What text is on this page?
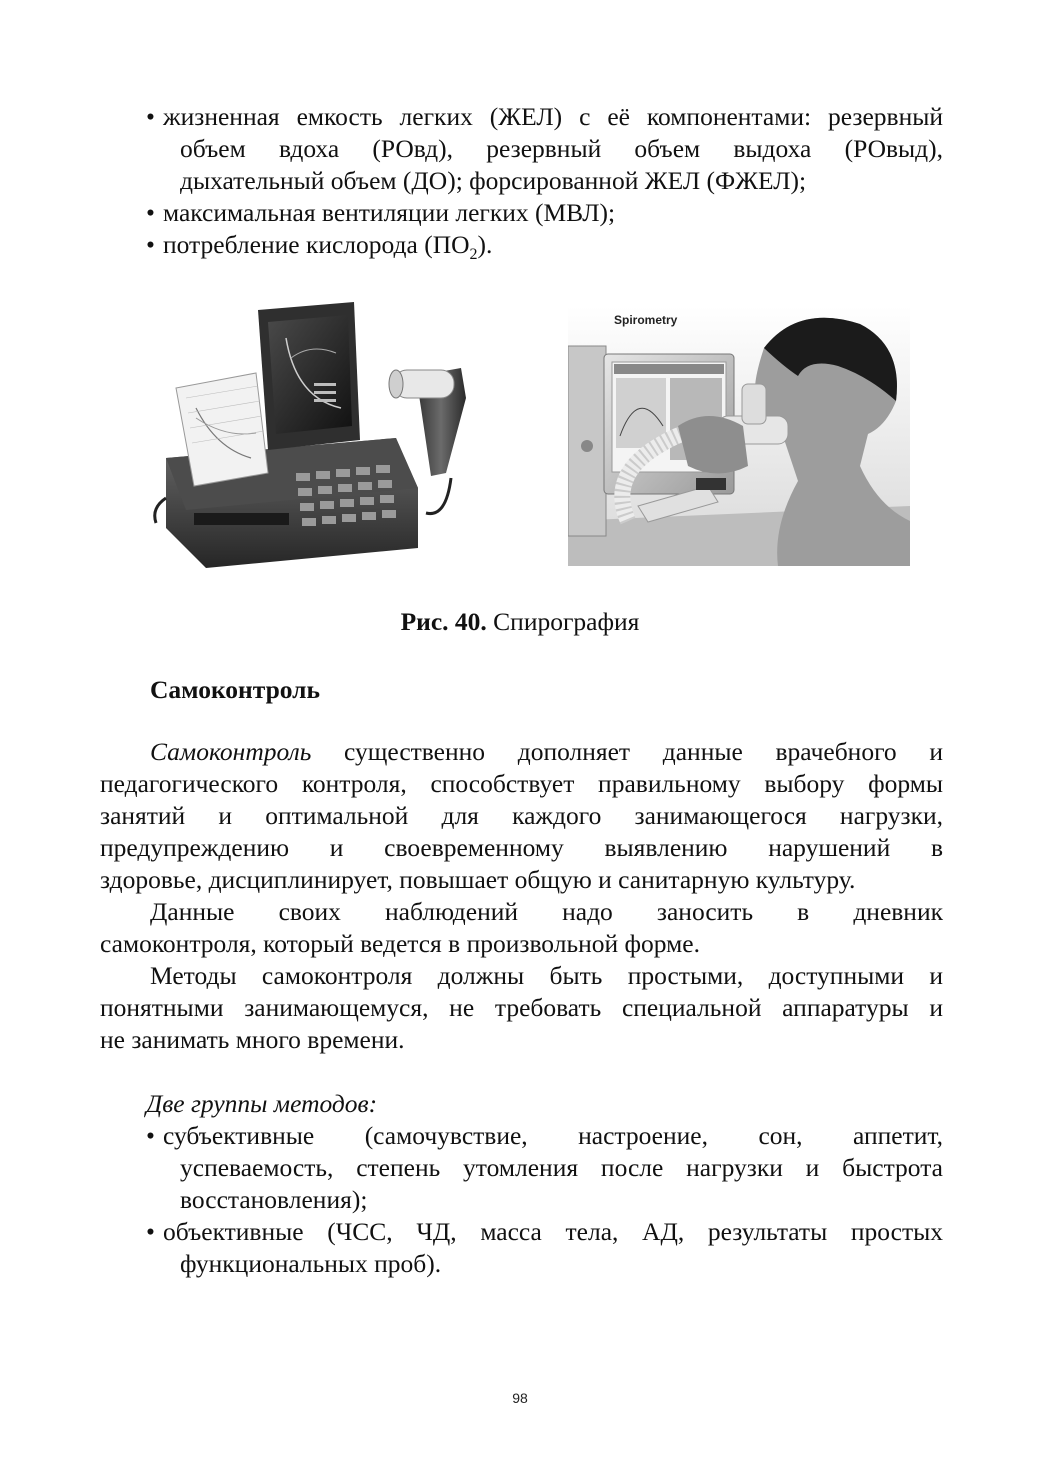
• жизненная емкость легких (ЖЕЛ) с её компонентами: резервный
объем вдоха (РОвд), резервный объем выдоха (РОвыд),
дыхательный объем (ДО); форсированной ЖЕЛ (ФЖЕЛ);
• максимальная вентиляции легких (МВЛ);
• потребление кислорода $(ПО_2)$.
Spirometry
Рис. 40. Спирография
Самоконтроль
Самоконтроль существенно дополняет данные врачебного и
педагогического контроля, способствует правильному выбору формы
занятий и оптимальной для каждого занимающегося нагрузки,
предупреждению и своевременному выявлению нарушений в
здоровье, дисциплинирует, повышает общую и санитарную культуру.
Данные своих наблюдений надо заносить в дневник
самоконтроля, который ведется в произвольной форме.
Методы самоконтроля должны быть простыми, доступными и
понятными занимающемуся, не требовать специальной аппаратуры и
не занимать много времени.
Две группы методов:
• субъективные (самочувствие, настроение, сон, аппетит,
успеваемость, степень утомления после нагрузки и быстрота
восстановления);
• объективные (ЧСС, ЧД, масса тела, АД, результаты простых
функциональных проб).
98
